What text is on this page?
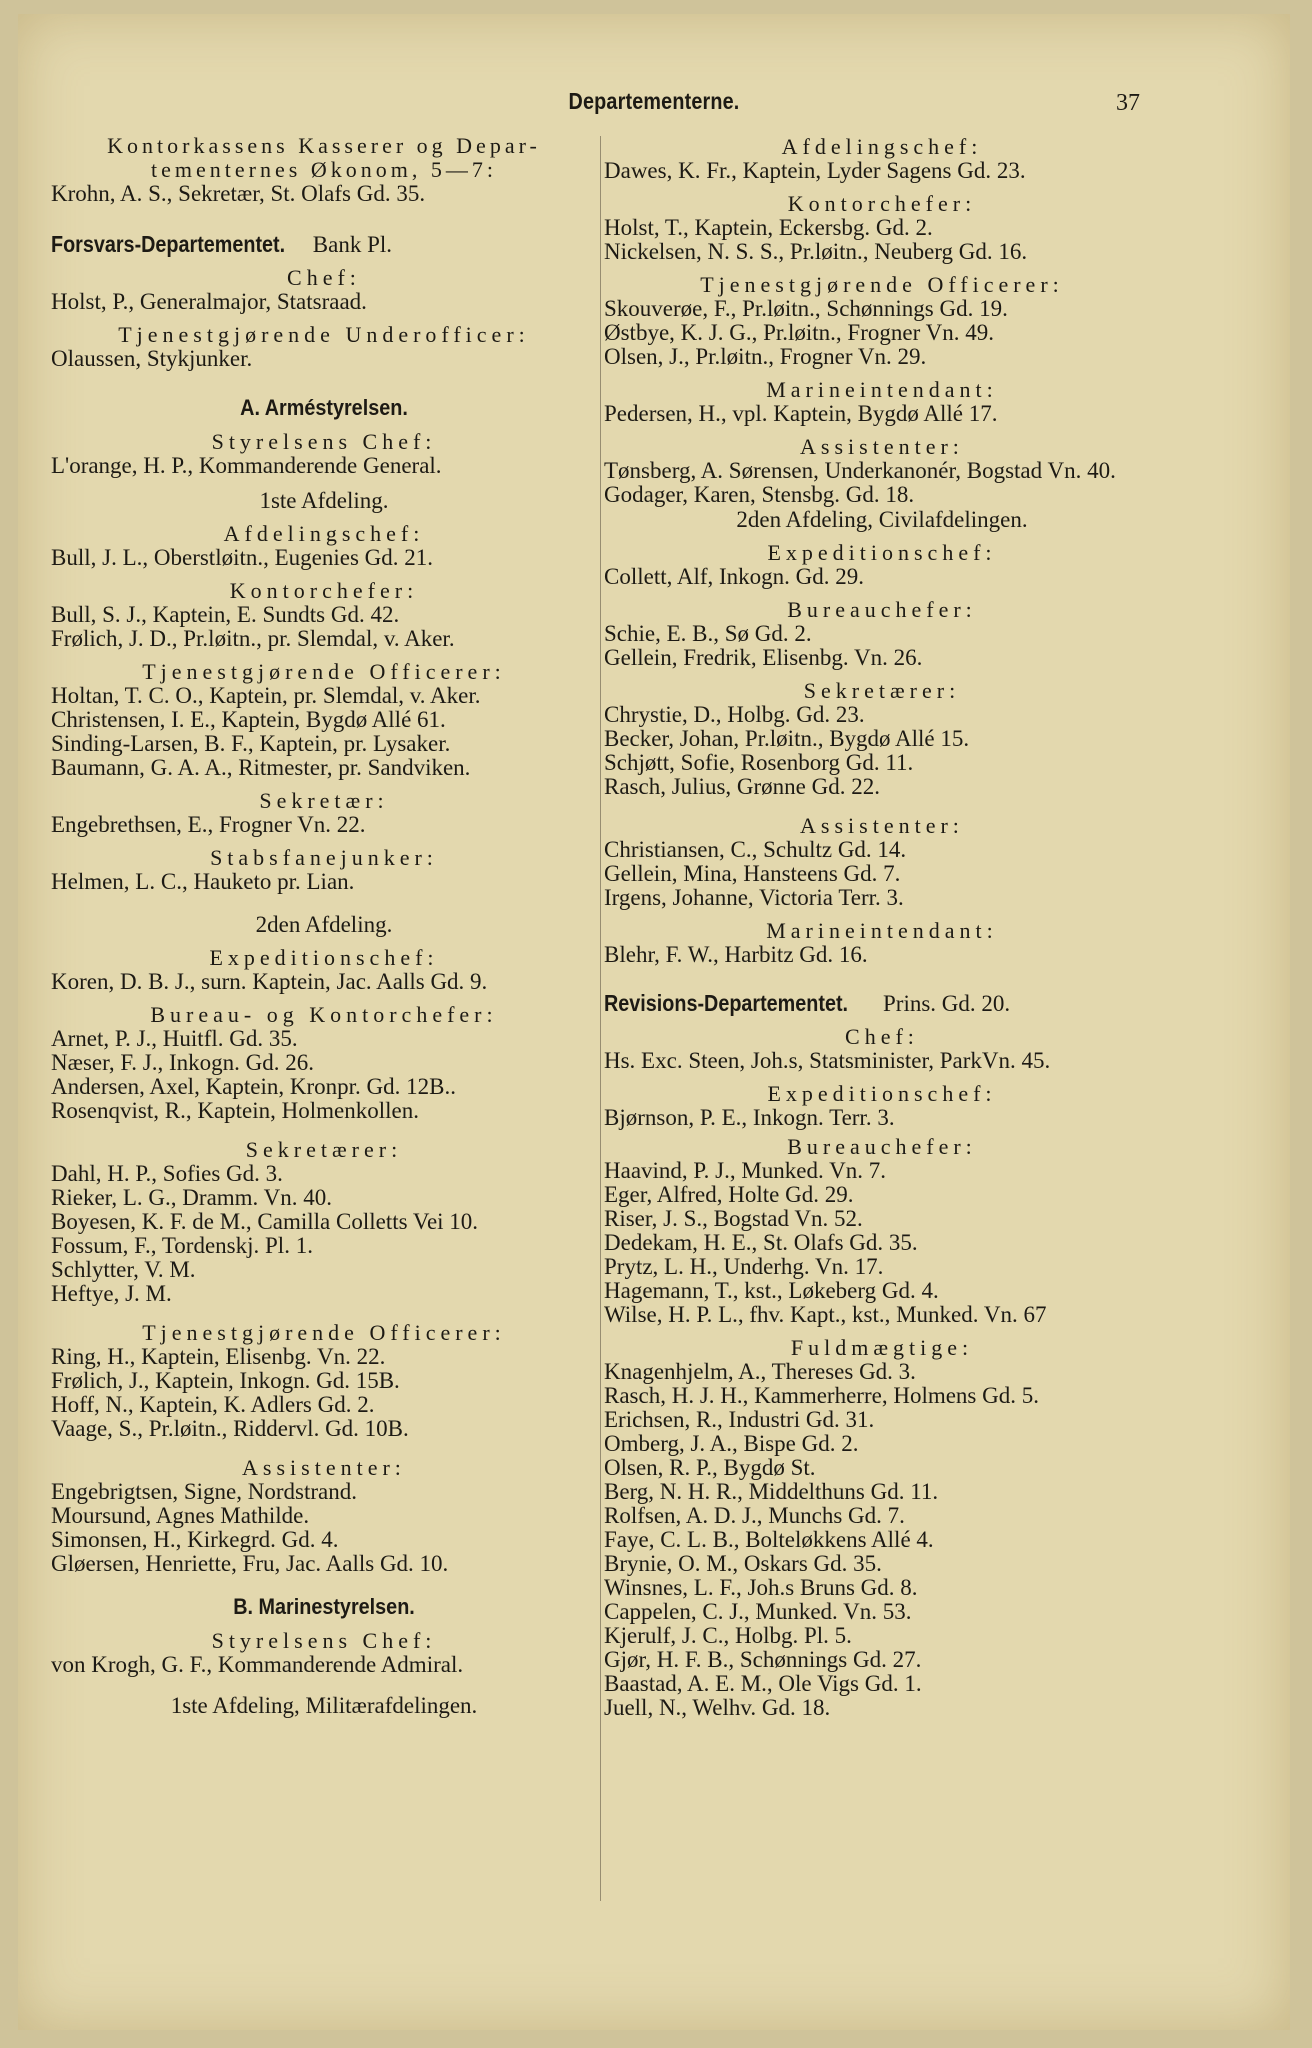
Departementerne.	37
Kontorkassens Kasserer og Depar-
tementernes Økonom, 5—7:
Krohn, A. S., Sekretær, St. Olafs Gd. 35.
Forsvars-Departementet. Bank Pl.
Chef:
Holst, P., Generalmajor, Statsraad.
Tjenestgjørende Underofficer:
Olaussen, Stykjunker.
A. Arméstyrelsen.
Styrelsens Chef:
L'orange, H. P., Kommanderende General.
1ste Afdeling.
Afdelingschef:
Bull, J. L., Oberstløitn., Eugenies Gd. 21.
Kontorchefer:
Bull, S. J., Kaptein, E. Sundts Gd. 42.
Frølich, J. D., Pr.løitn., pr. Slemdal, v. Aker.
Tjenestgjørende Officerer:
Holtan, T. C. O., Kaptein, pr. Slemdal, v. Aker.
Christensen, I. E., Kaptein, Bygdø Allé 61.
Sinding-Larsen, B. F., Kaptein, pr. Lysaker.
Baumann, G. A. A., Ritmester, pr. Sandviken.
Sekretær:
Engebrethsen, E., Frogner Vn. 22.
Stabsfanejunker:
Helmen, L. C., Hauketo pr. Lian.
2den Afdeling.
Expeditionschef:
Koren, D. B. J., surn. Kaptein, Jac. Aalls Gd. 9.
Bureau- og Kontorchefer:
Arnet, P. J., Huitfl. Gd. 35.
Næser, F. J., Inkogn. Gd. 26.
Andersen, Axel, Kaptein, Kronpr. Gd. 12B..
Rosenqvist, R., Kaptein, Holmenkollen.
Sekretærer:
Dahl, H. P., Sofies Gd. 3.
Rieker, L. G., Dramm. Vn. 40.
Boyesen, K. F. de M., Camilla Colletts Vei 10.
Fossum, F., Tordenskj. Pl. 1.
Schlytter, V. M.
Heftye, J. M.
Tjenestgjørende Officerer:
Ring, H., Kaptein, Elisenbg. Vn. 22.
Frølich, J., Kaptein, Inkogn. Gd. 15B.
Hoff, N., Kaptein, K. Adlers Gd. 2.
Vaage, S., Pr.løitn., Riddervl. Gd. 10B.
Assistenter:
Engebrigtsen, Signe, Nordstrand.
Moursund, Agnes Mathilde.
Simonsen, H., Kirkegrd. Gd. 4.
Gløersen, Henriette, Fru, Jac. Aalls Gd. 10.
B. Marinestyrelsen.
Styrelsens Chef:
von Krogh, G. F., Kommanderende Admiral.
1ste Afdeling, Militærafdelingen.
Afdelingschef:
Dawes, K. Fr., Kaptein, Lyder Sagens Gd. 23.
Kontorchefer:
Holst, T., Kaptein, Eckersbg. Gd. 2.
Nickelsen, N. S. S., Pr.løitn., Neuberg Gd. 16.
Tjenestgjørende Officerer:
Skouverøe, F., Pr.løitn., Schønnings Gd. 19.
Østbye, K. J. G., Pr.løitn., Frogner Vn. 49.
Olsen, J., Pr.løitn., Frogner Vn. 29.
Marineintendant:
Pedersen, H., vpl. Kaptein, Bygdø Allé 17.
Assistenter:
Tønsberg, A. Sørensen, Underkanonér, Bogstad Vn. 40.
Godager, Karen, Stensbg. Gd. 18.
2den Afdeling, Civilafdelingen.
Expeditionschef:
Collett, Alf, Inkogn. Gd. 29.
Bureauchefer:
Schie, E. B., Sø Gd. 2.
Gellein, Fredrik, Elisenbg. Vn. 26.
Sekretærer:
Chrystie, D., Holbg. Gd. 23.
Becker, Johan, Pr.løitn., Bygdø Allé 15.
Schjøtt, Sofie, Rosenborg Gd. 11.
Rasch, Julius, Grønne Gd. 22.
Assistenter:
Christiansen, C., Schultz Gd. 14.
Gellein, Mina, Hansteens Gd. 7.
Irgens, Johanne, Victoria Terr. 3.
Marineintendant:
Blehr, F. W., Harbitz Gd. 16.
Revisions-Departementet. Prins. Gd. 20.
Chef:
Hs. Exc. Steen, Joh.s, Statsminister, ParkVn. 45.
Expeditionschef:
Bjørnson, P. E., Inkogn. Terr. 3.
Bureauchefer:
Haavind, P. J., Munked. Vn. 7.
Eger, Alfred, Holte Gd. 29.
Riser, J. S., Bogstad Vn. 52.
Dedekam, H. E., St. Olafs Gd. 35.
Prytz, L. H., Underhg. Vn. 17.
Hagemann, T., kst., Løkeberg Gd. 4.
Wilse, H. P. L., fhv. Kapt., kst., Munked. Vn. 67
Fuldmægtige:
Knagenhjelm, A., Thereses Gd. 3.
Rasch, H. J. H., Kammerherre, Holmens Gd. 5.
Erichsen, R., Industri Gd. 31.
Omberg, J. A., Bispe Gd. 2.
Olsen, R. P., Bygdø St.
Berg, N. H. R., Middelthuns Gd. 11.
Rolfsen, A. D. J., Munchs Gd. 7.
Faye, C. L. B., Bolteløkkens Allé 4.
Brynie, O. M., Oskars Gd. 35.
Winsnes, L. F., Joh.s Bruns Gd. 8.
Cappelen, C. J., Munked. Vn. 53.
Kjerulf, J. C., Holbg. Pl. 5.
Gjør, H. F. B., Schønnings Gd. 27.
Baastad, A. E. M., Ole Vigs Gd. 1.
Juell, N., Welhv. Gd. 18.
